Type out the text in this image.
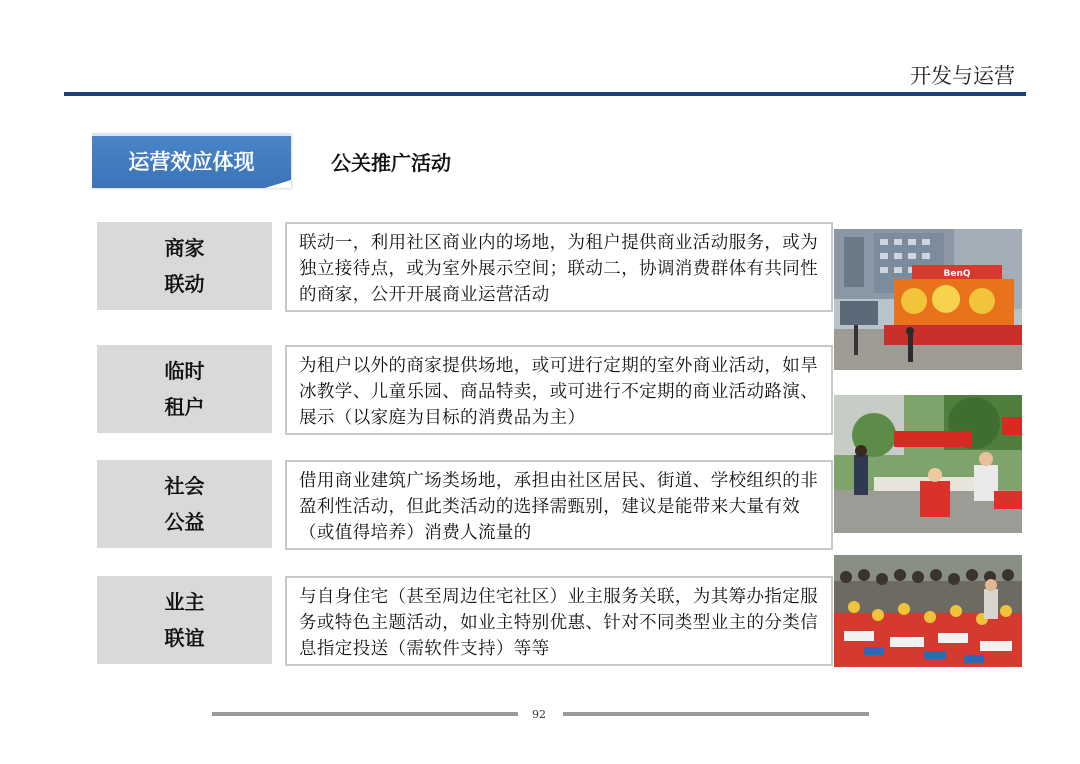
开发与运营
运营效应体现	公关推广活动
商家
联动
联动一，利用社区商业内的场地，为租户提供商业活动服务，或为独立接待点，或为室外展示空间；联动二，协调消费群体有共同性的商家，公开开展商业运营活动
临时
租户
为租户以外的商家提供场地，或可进行定期的室外商业活动，如旱冰教学、儿童乐园、商品特卖，或可进行不定期的商业活动路演、展示（以家庭为目标的消费品为主）
社会
公益
借用商业建筑广场类场地，承担由社区居民、街道、学校组织的非盈利性活动，但此类活动的选择需甄别，建议是能带来大量有效（或值得培养）消费人流量的
业主
联谊
与自身住宅（甚至周边住宅社区）业主服务关联，为其筹办指定服务或特色主题活动，如业主特别优惠、针对不同类型业主的分类信息指定投送（需软件支持）等等
BenQ
92
